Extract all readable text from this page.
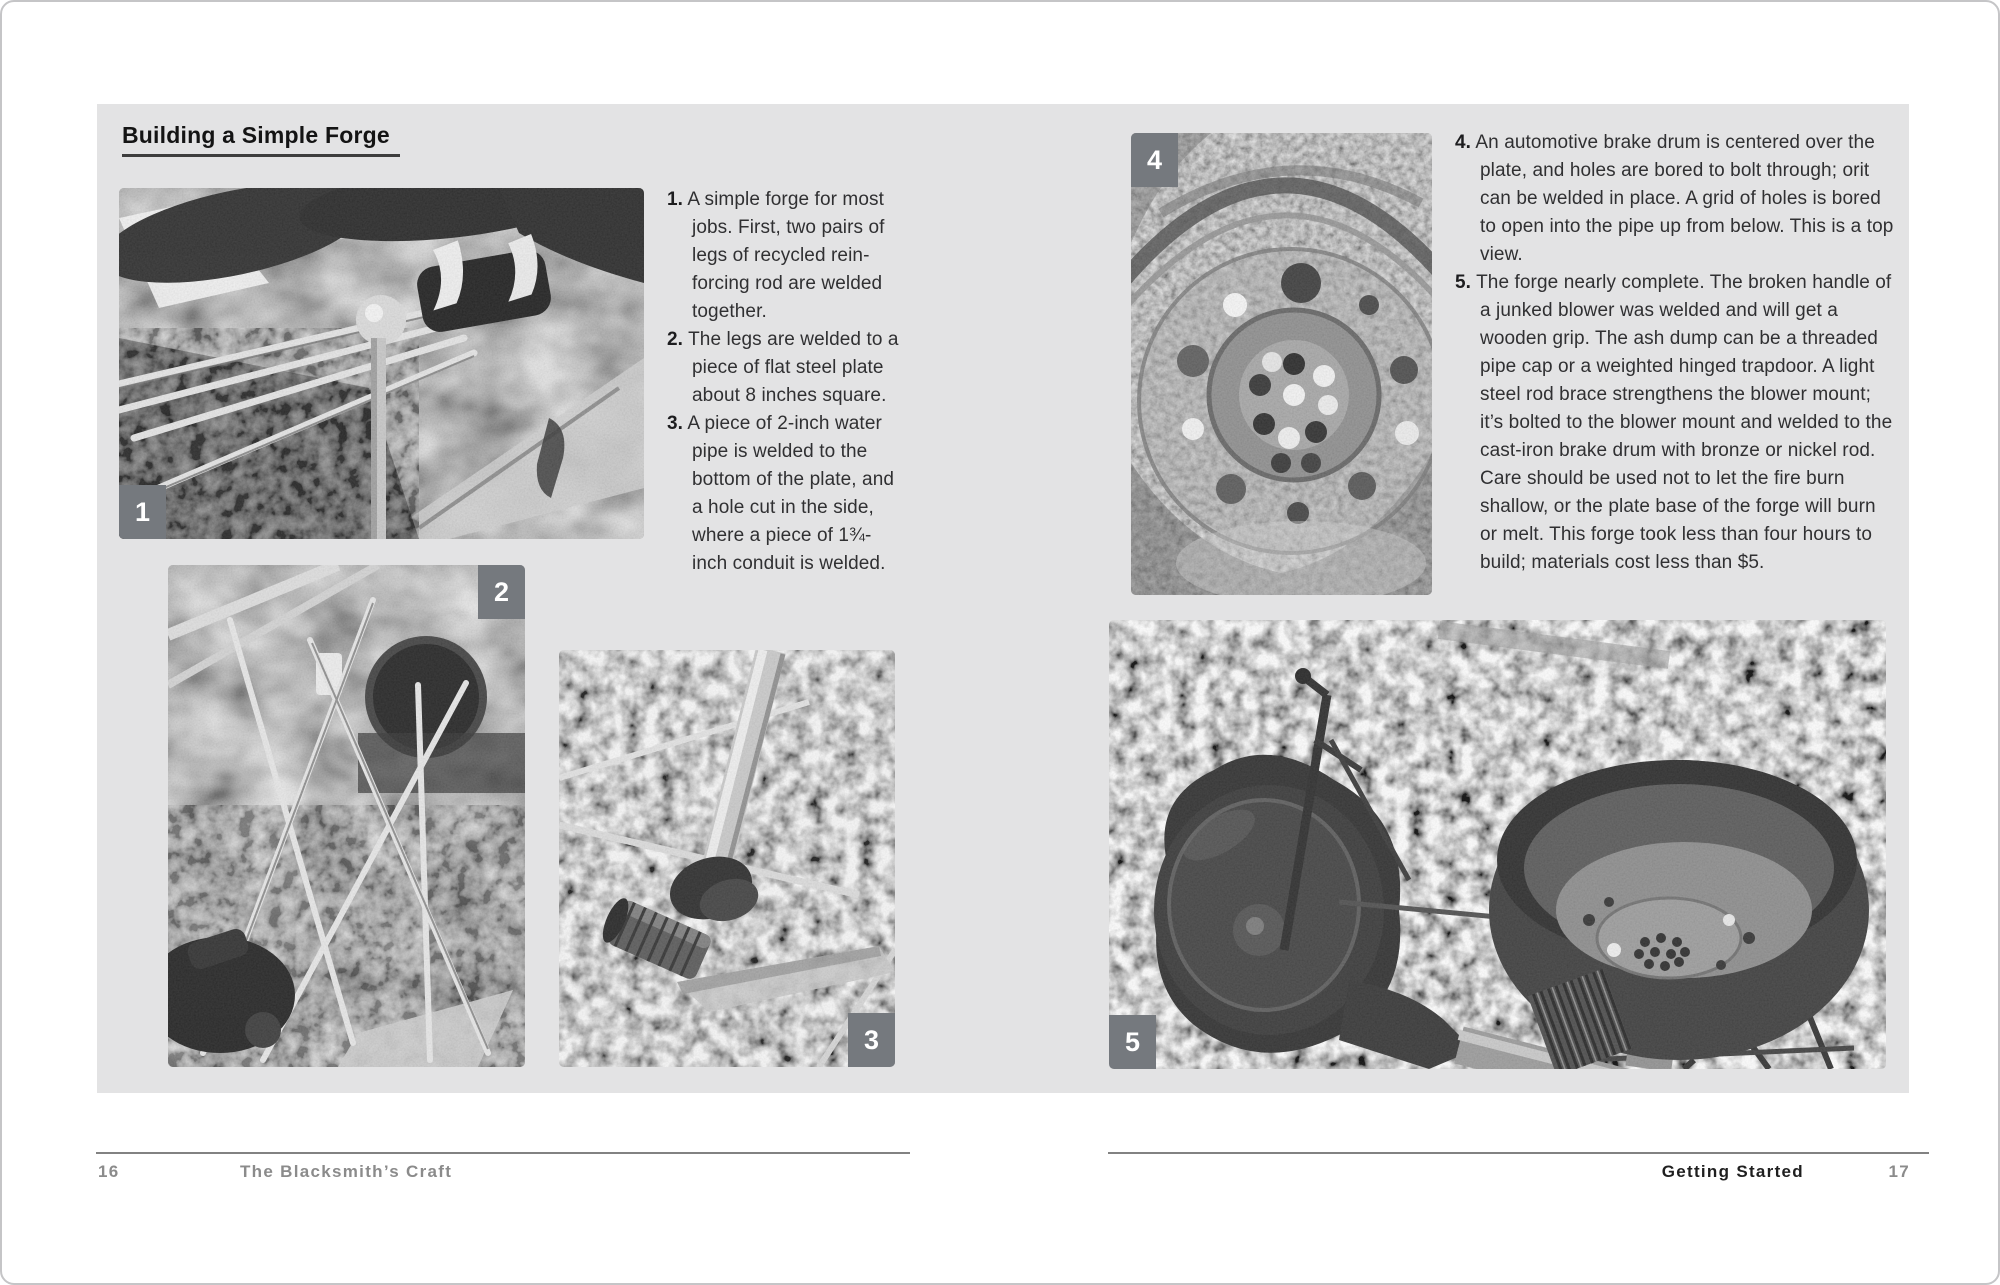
Building a Simple Forge
1
2
3
4
5

1. A simple forge for most jobs. First, two pairs of legs of recycled reinforcing rod are welded together.

2. The legs are welded to a piece of flat steel plate about 8 inches square.

3. A piece of 2-inch water pipe is welded to the bottom of the plate, and a hole cut in the side, where a piece of 1¾-inch conduit is welded.

4. An automotive brake drum is centered over the plate, and holes are bored to bolt through; orit can be welded in place. A grid of holes is bored to open into the pipe up from below. This is a top view.

5. The forge nearly complete. The broken handle of a junked blower was welded and will get a wooden grip. The ash dump can be a threaded pipe cap or a weighted hinged trapdoor. A light steel rod brace strengthens the blower mount; it’s bolted to the blower mount and welded to the cast-iron brake drum with bronze or nickel rod. Care should be used not to let the fire burn shallow, or the plate base of the forge will burn or melt. This forge took less than four hours to build; materials cost less than $5.

16	The Blacksmith’s Craft	Getting Started	17
